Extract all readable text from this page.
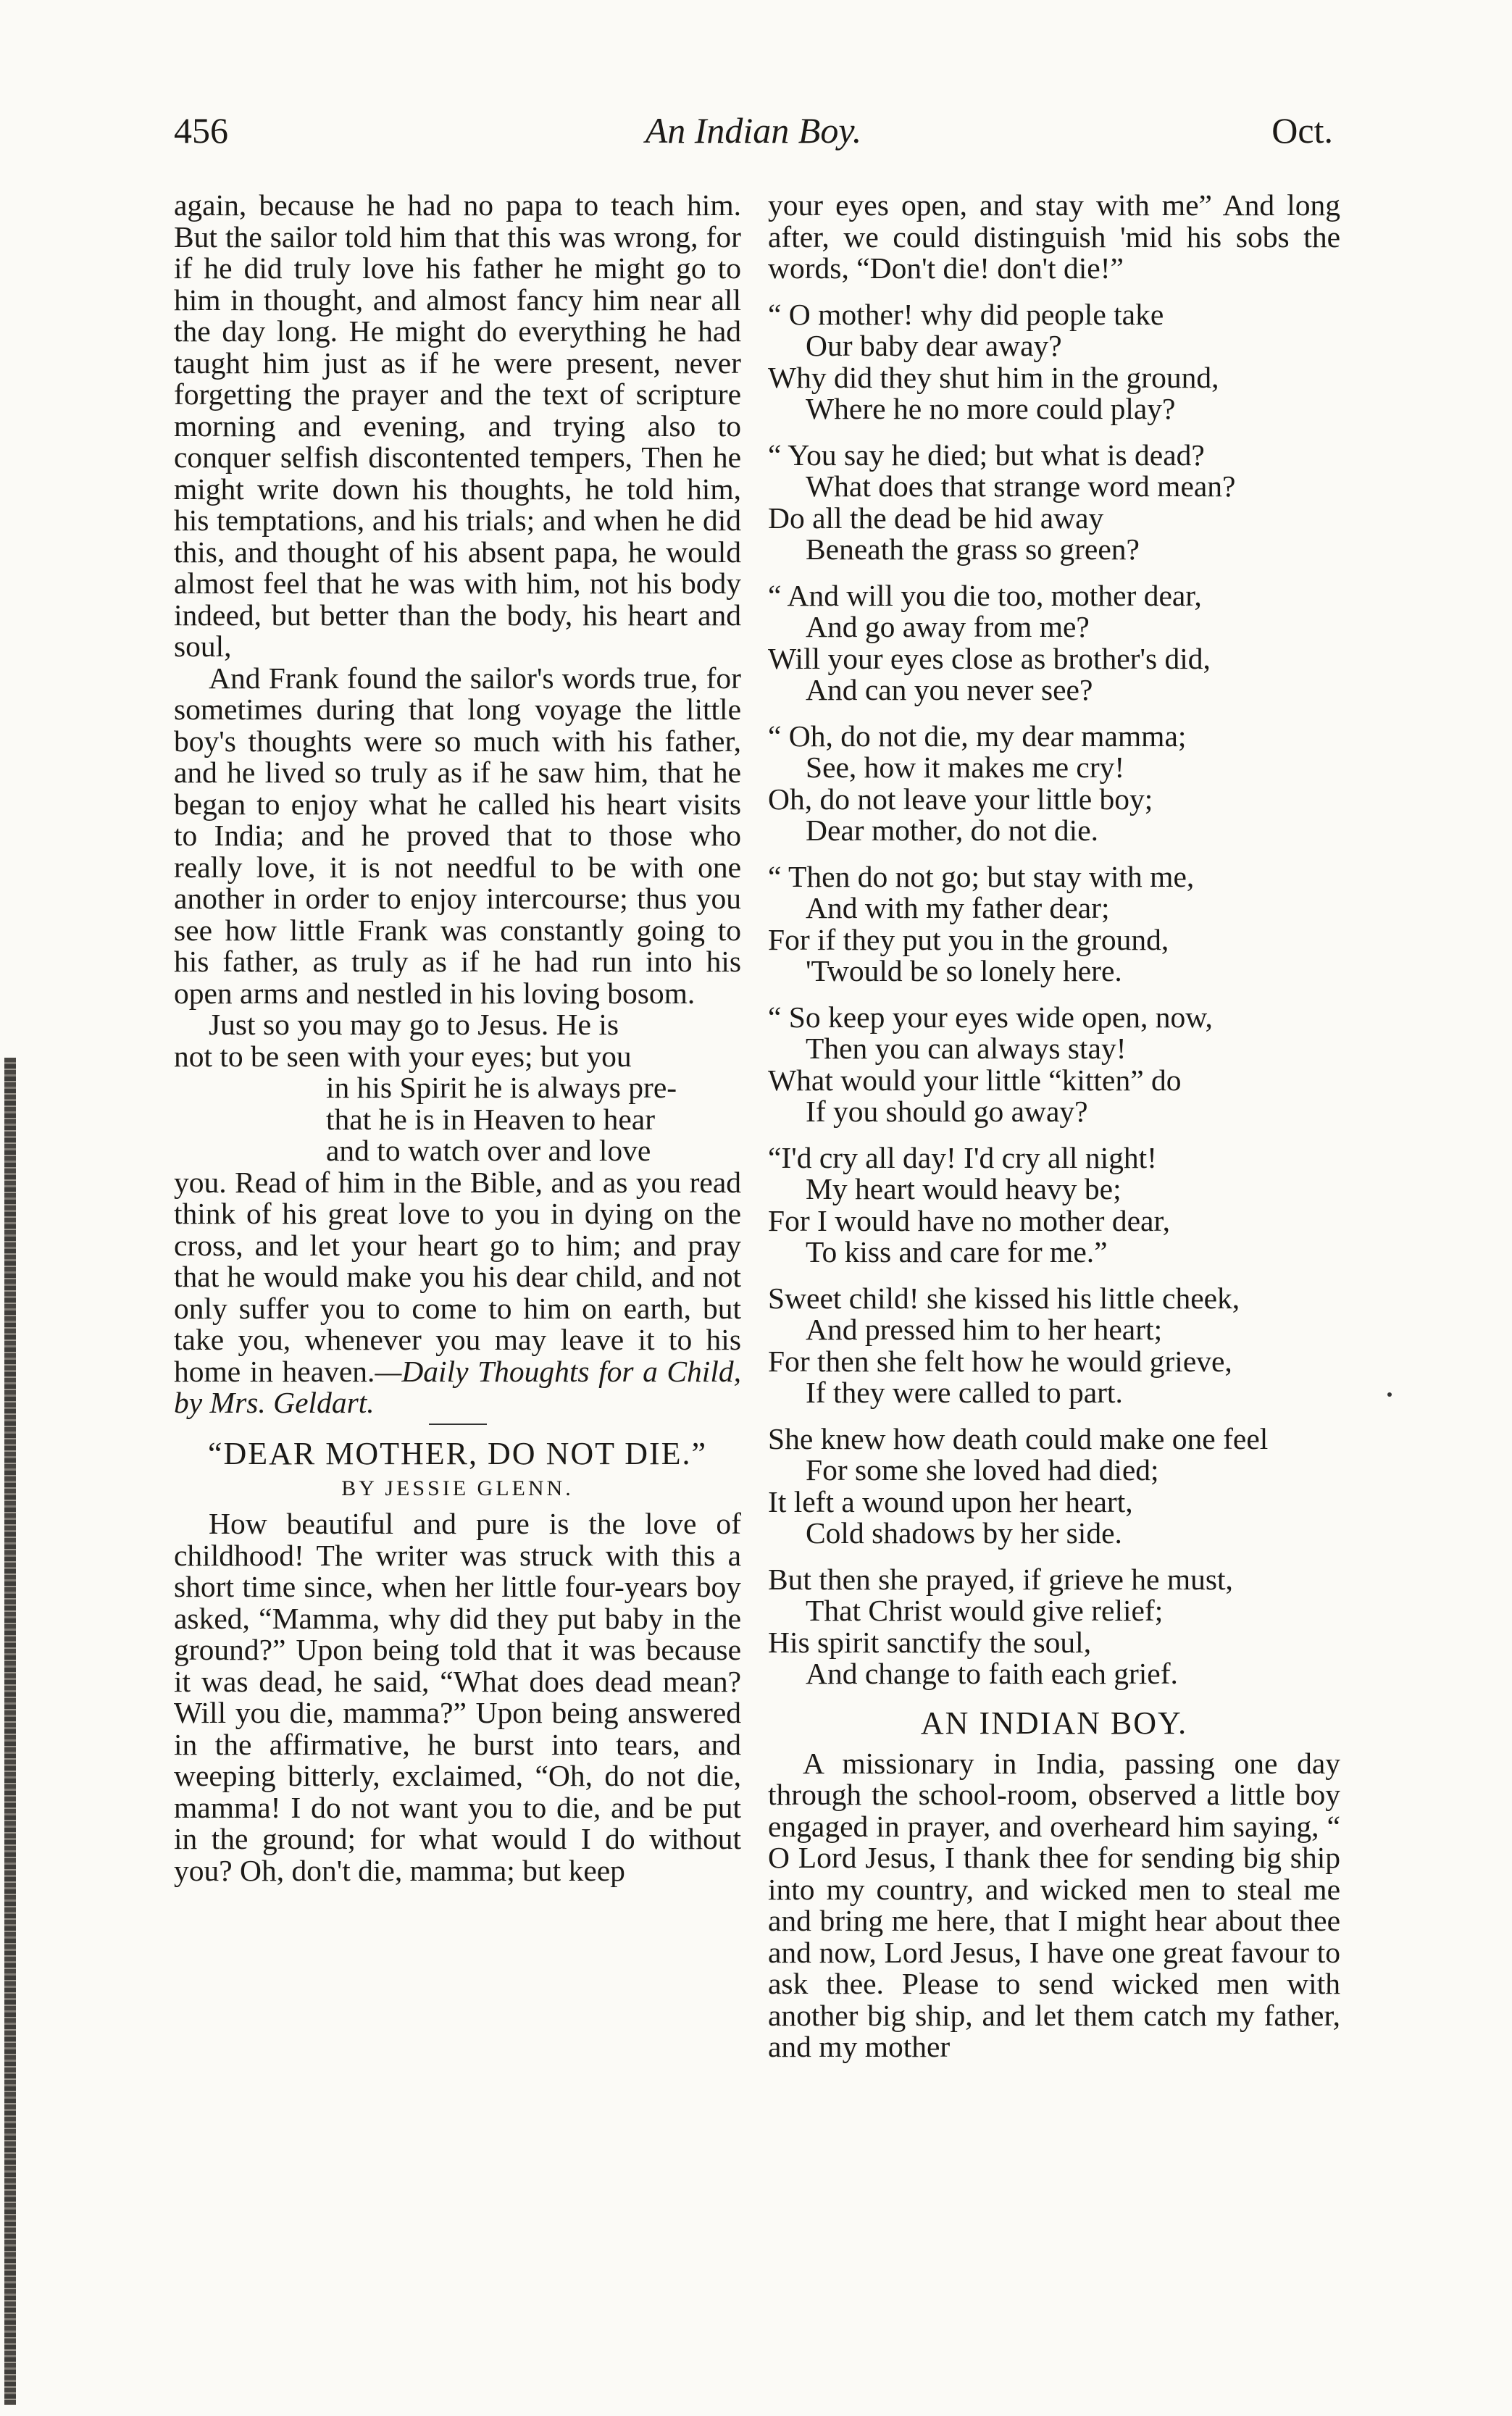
456	An Indian Boy.	Oct.

again, because he had no papa to teach him. But the sailor told him that this was wrong, for if he did truly love his father he might go to him in thought, and almost fancy him near all the day long. He might do everything he had taught him just as if he were present, never forgetting the prayer and the text of scripture morning and evening, and trying also to conquer selfish discontented tempers, Then he might write down his thoughts, he told him, his temptations, and his trials; and when he did this, and thought of his absent papa, he would almost feel that he was with him, not his body indeed, but better than the body, his heart and soul,

And Frank found the sailor's words true, for sometimes during that long voyage the little boy's thoughts were so much with his father, and he lived so truly as if he saw him, that he began to enjoy what he called his heart visits to India; and he proved that to those who really love, it is not needful to be with one another in order to enjoy intercourse; thus you see how little Frank was constantly going to his father, as truly as if he had run into his open arms and nestled in his loving bosom.

Just so you may go to Jesus. He is
not to be seen with your eyes; but you
in his Spirit he is always pre-
that he is in Heaven to hear
and to watch over and love

you. Read of him in the Bible, and as you read think of his great love to you in dying on the cross, and let your heart go to him; and pray that he would make you his dear child, and not only suffer you to come to him on earth, but take you, whenever you may leave it to his home in heaven.—Daily Thoughts for a Child, by Mrs. Geldart.

“DEAR MOTHER, DO NOT DIE.”

BY JESSIE GLENN.

How beautiful and pure is the love of childhood! The writer was struck with this a short time since, when her little four-years boy asked, “Mamma, why did they put baby in the ground?” Upon being told that it was because it was dead, he said, “What does dead mean? Will you die, mamma?” Upon being answered in the affirmative, he burst into tears, and weeping bitterly, exclaimed, “Oh, do not die, mamma! I do not want you to die, and be put in the ground; for what would I do without you? Oh, don't die, mamma; but keep

your eyes open, and stay with me” And long after, we could distinguish 'mid his sobs the words, “Don't die! don't die!”

“ O mother! why did people take
Our baby dear away?
Why did they shut him in the ground,
Where he no more could play?
“ You say he died; but what is dead?
What does that strange word mean?
Do all the dead be hid away
Beneath the grass so green?
“ And will you die too, mother dear,
And go away from me?
Will your eyes close as brother's did,
And can you never see?
“ Oh, do not die, my dear mamma;
See, how it makes me cry!
Oh, do not leave your little boy;
Dear mother, do not die.
“ Then do not go; but stay with me,
And with my father dear;
For if they put you in the ground,
'Twould be so lonely here.
“ So keep your eyes wide open, now,
Then you can always stay!
What would your little “kitten” do
If you should go away?
“I'd cry all day! I'd cry all night!
My heart would heavy be;
For I would have no mother dear,
To kiss and care for me.”
Sweet child! she kissed his little cheek,
And pressed him to her heart;
For then she felt how he would grieve,
If they were called to part.
She knew how death could make one feel
For some she loved had died;
It left a wound upon her heart,
Cold shadows by her side.
But then she prayed, if grieve he must,
That Christ would give relief;
His spirit sanctify the soul,
And change to faith each grief.

AN INDIAN BOY.

A missionary in India, passing one day through the school-room, observed a little boy engaged in prayer, and overheard him saying, “ O Lord Jesus, I thank thee for sending big ship into my country, and wicked men to steal me and bring me here, that I might hear about thee and now, Lord Jesus, I have one great favour to ask thee. Please to send wicked men with another big ship, and let them catch my father, and my mother
